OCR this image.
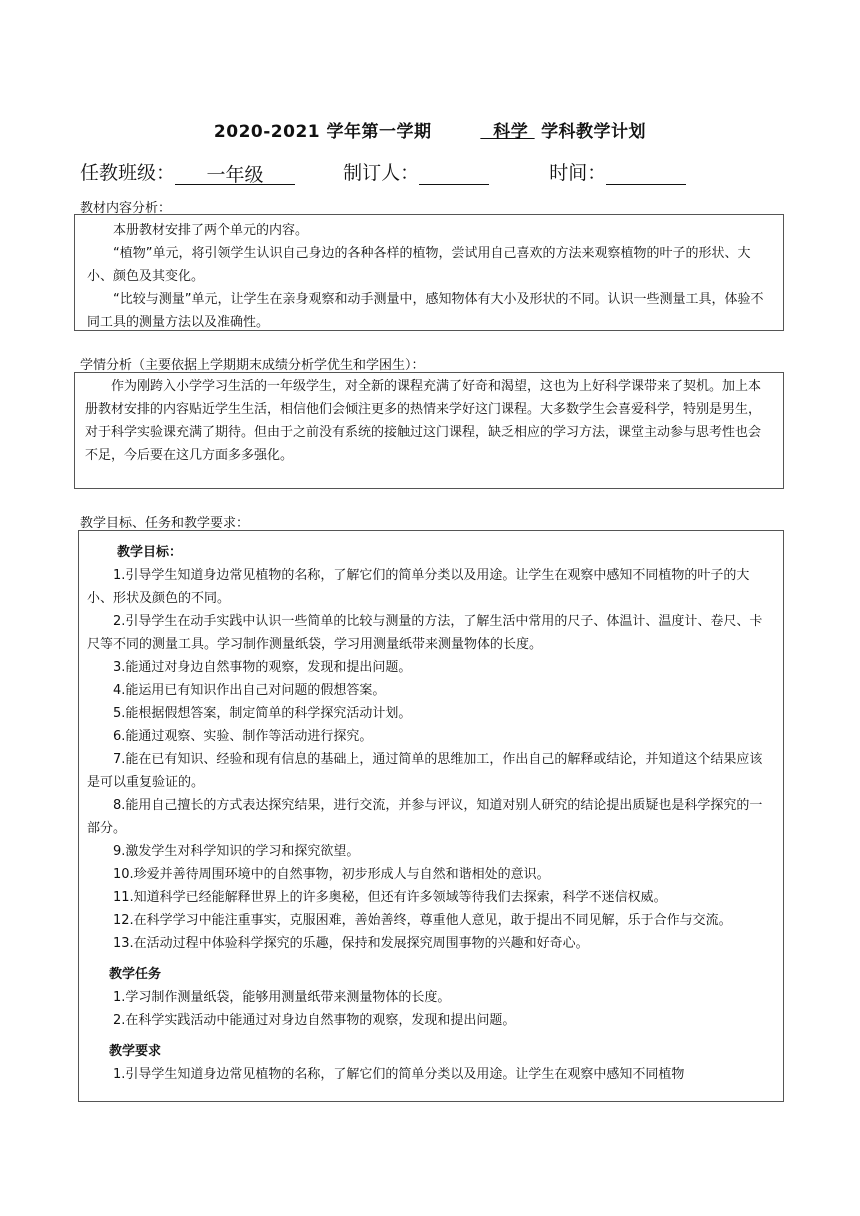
2020-2021 学年第一学期	科学  学科教学计划
任教班级： 一年级	制订人：	时间：
教材内容分析：

本册教材安排了两个单元的内容。

“植物”单元，将引领学生认识自己身边的各种各样的植物，尝试用自己喜欢的方法来观察植物的叶子的形状、大小、颜色及其变化。

“比较与测量”单元，让学生在亲身观察和动手测量中，感知物体有大小及形状的不同。认识一些测量工具，体验不同工具的测量方法以及准确性。

学情分析（主要依据上学期期末成绩分析学优生和学困生）：

作为刚跨入小学学习生活的一年级学生，对全新的课程充满了好奇和渴望，这也为上好科学课带来了契机。加上本册教材安排的内容贴近学生生活，相信他们会倾注更多的热情来学好这门课程。大多数学生会喜爱科学，特别是男生，对于科学实验课充满了期待。但由于之前没有系统的接触过这门课程，缺乏相应的学习方法，课堂主动参与思考性也会不足，今后要在这几方面多多强化。

教学目标、任务和教学要求：

教学目标：

1.引导学生知道身边常见植物的名称，了解它们的简单分类以及用途。让学生在观察中感知不同植物的叶子的大小、形状及颜色的不同。

2.引导学生在动手实践中认识一些简单的比较与测量的方法，了解生活中常用的尺子、体温计、温度计、卷尺、卡尺等不同的测量工具。学习制作测量纸袋，学习用测量纸带来测量物体的长度。

3.能通过对身边自然事物的观察，发现和提出问题。

4.能运用已有知识作出自己对问题的假想答案。

5.能根据假想答案，制定简单的科学探究活动计划。

6.能通过观察、实验、制作等活动进行探究。

7.能在已有知识、经验和现有信息的基础上，通过简单的思维加工，作出自己的解释或结论，并知道这个结果应该是可以重复验证的。

8.能用自己擅长的方式表达探究结果，进行交流，并参与评议，知道对别人研究的结论提出质疑也是科学探究的一部分。

9.激发学生对科学知识的学习和探究欲望。

10.珍爱并善待周围环境中的自然事物，初步形成人与自然和谐相处的意识。

11.知道科学已经能解释世界上的许多奥秘，但还有许多领域等待我们去探索，科学不迷信权威。

12.在科学学习中能注重事实，克服困难，善始善终，尊重他人意见，敢于提出不同见解，乐于合作与交流。

13.在活动过程中体验科学探究的乐趣，保持和发展探究周围事物的兴趣和好奇心。

教学任务

1.学习制作测量纸袋，能够用测量纸带来测量物体的长度。

2.在科学实践活动中能通过对身边自然事物的观察，发现和提出问题。

教学要求

1.引导学生知道身边常见植物的名称，了解它们的简单分类以及用途。让学生在观察中感知不同植物
